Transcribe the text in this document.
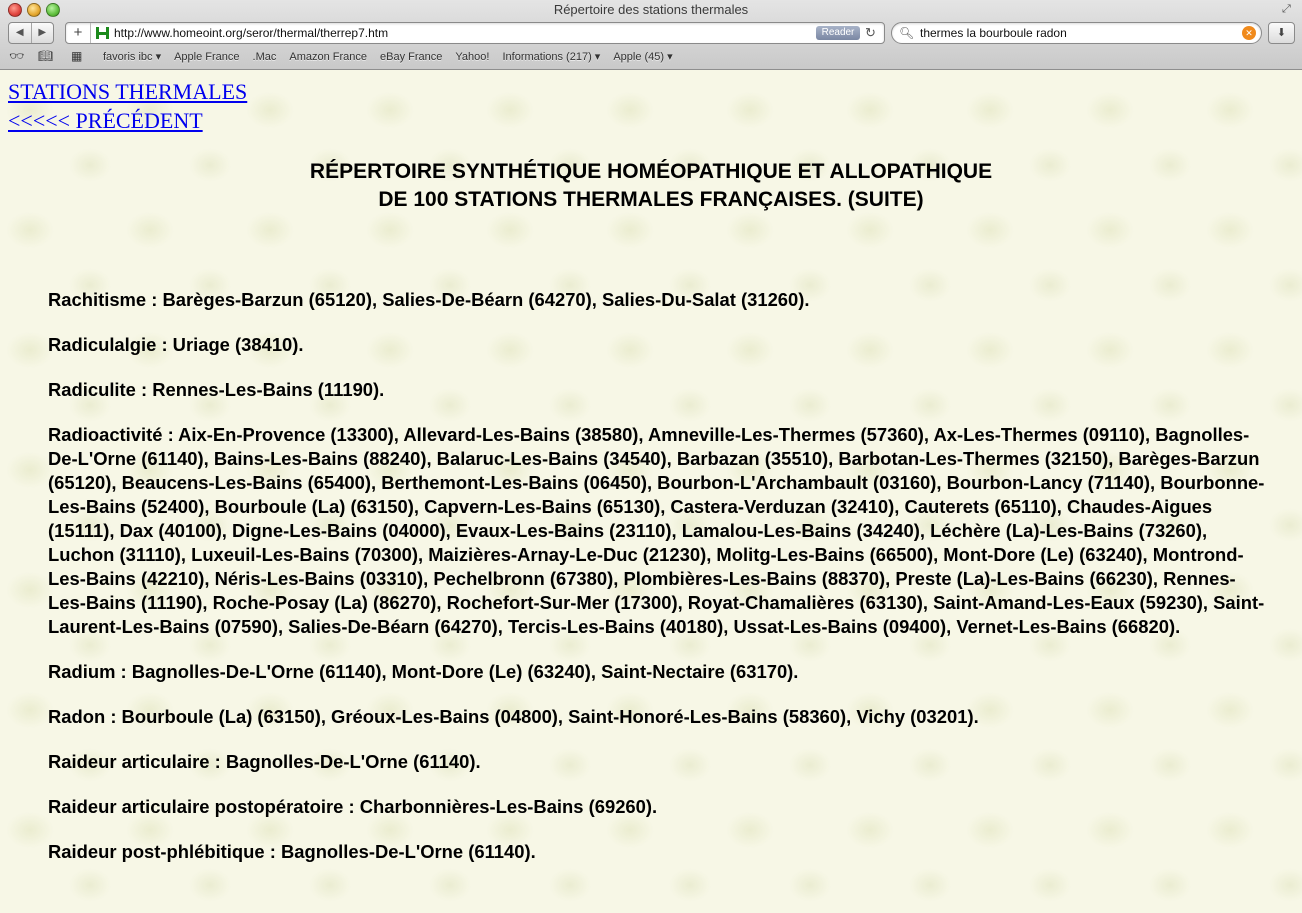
Répertoire des stations thermales	⤢
◀	▶	+	http://www.homeoint.org/seror/thermal/therrep7.htm	Reader ↻ 🔍︎ thermes la bourboule radon	✕	⬇
👓︎ 📖︎ ▦ favoris ibc ▾ Apple France .Mac Amazon France eBay France Yahoo! Informations (217) ▾ Apple (45) ▾
STATIONS THERMALES
<<<<< PRÉCÉDENT
RÉPERTOIRE SYNTHÉTIQUE HOMÉOPATHIQUE ET ALLOPATHIQUE
DE 100 STATIONS THERMALES FRANÇAISES. (SUITE)

Rachitisme : Barèges-Barzun (65120), Salies-De-Béarn (64270), Salies-Du-Salat (31260).

Radiculalgie : Uriage (38410).

Radiculite : Rennes-Les-Bains (11190).

Radioactivité : Aix-En-Provence (13300), Allevard-Les-Bains (38580), Amneville-Les-Thermes (57360), Ax-Les-Thermes (09110), Bagnolles-De-L'Orne (61140), Bains-Les-Bains (88240), Balaruc-Les-Bains (34540), Barbazan (35510), Barbotan-Les-Thermes (32150), Barèges-Barzun (65120), Beaucens-Les-Bains (65400), Berthemont-Les-Bains (06450), Bourbon-L'Archambault (03160), Bourbon-Lancy (71140), Bourbonne-Les-Bains (52400), Bourboule (La) (63150), Capvern-Les-Bains (65130), Castera-Verduzan (32410), Cauterets (65110), Chaudes-Aigues (15111), Dax (40100), Digne-Les-Bains (04000), Evaux-Les-Bains (23110), Lamalou-Les-Bains (34240), Léchère (La)-Les-Bains (73260), Luchon (31110), Luxeuil-Les-Bains (70300), Maizières-Arnay-Le-Duc (21230), Molitg-Les-Bains (66500), Mont-Dore (Le) (63240), Montrond-Les-Bains (42210), Néris-Les-Bains (03310), Pechelbronn (67380), Plombières-Les-Bains (88370), Preste (La)-Les-Bains (66230), Rennes-Les-Bains (11190), Roche-Posay (La) (86270), Rochefort-Sur-Mer (17300), Royat-Chamalières (63130), Saint-Amand-Les-Eaux (59230), Saint-Laurent-Les-Bains (07590), Salies-De-Béarn (64270), Tercis-Les-Bains (40180), Ussat-Les-Bains (09400), Vernet-Les-Bains (66820).

Radium : Bagnolles-De-L'Orne (61140), Mont-Dore (Le) (63240), Saint-Nectaire (63170).

Radon : Bourboule (La) (63150), Gréoux-Les-Bains (04800), Saint-Honoré-Les-Bains (58360), Vichy (03201).

Raideur articulaire : Bagnolles-De-L'Orne (61140).

Raideur articulaire postopératoire : Charbonnières-Les-Bains (69260).

Raideur post-phlébitique : Bagnolles-De-L'Orne (61140).
